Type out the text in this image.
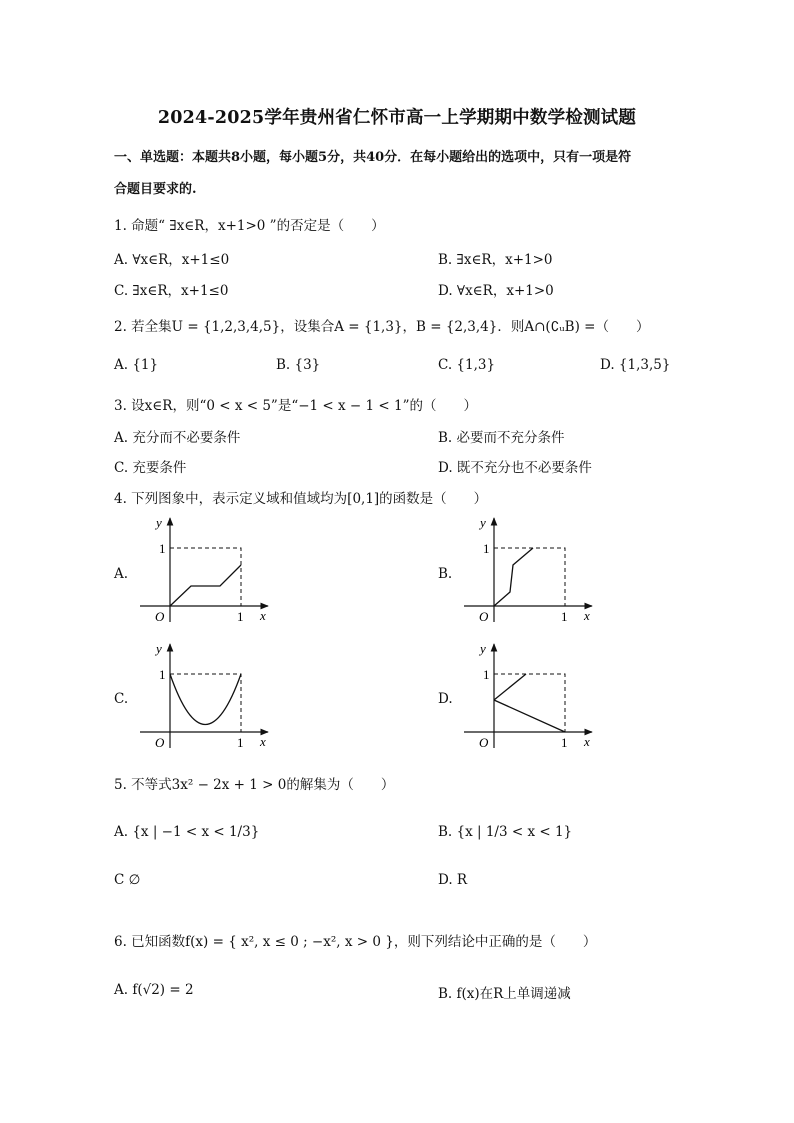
2024-2025学年贵州省仁怀市高一上学期期中数学检测试题
一、单选题：本题共8小题，每小题5分，共40分．在每小题给出的选项中，只有一项是符
合题目要求的.
1. 命题“ ∃x∈R，x+1>0 ”的否定是（　　）
A. ∀x∈R，x+1≤0	B. ∃x∈R，x+1>0
C. ∃x∈R，x+1≤0	D. ∀x∈R，x+1>0
2. 若全集U = {1,2,3,4,5}，设集合A = {1,3}，B = {2,3,4}．则A∩(∁ᵤB) =（　　）
A. {1}	B. {3}	C. {1,3}	D. {1,3,5}
3. 设x∈R，则“0 < x < 5”是“−1 < x − 1 < 1”的（　　）
A. 充分而不必要条件	B. 必要而不充分条件
C. 充要条件	D. 既不充分也不必要条件
4. 下列图象中，表示定义域和值域均为[0,1]的函数是（　　）
A.	B.
C.	D.
y
1
O	1 x
y
1
O	1 x
y
1
O	1 x
y
1
O	1 x
5. 不等式3x² − 2x + 1 > 0的解集为（　　）
A. {x | −1 < x < 1/3}	B. {x | 1/3 < x < 1}
C ∅	D. R
6. 已知函数f(x) = { x², x ≤ 0 ; −x², x > 0 }，则下列结论中正确的是（　　）
A. f(√2) = 2	B. f(x)在R上单调递减
